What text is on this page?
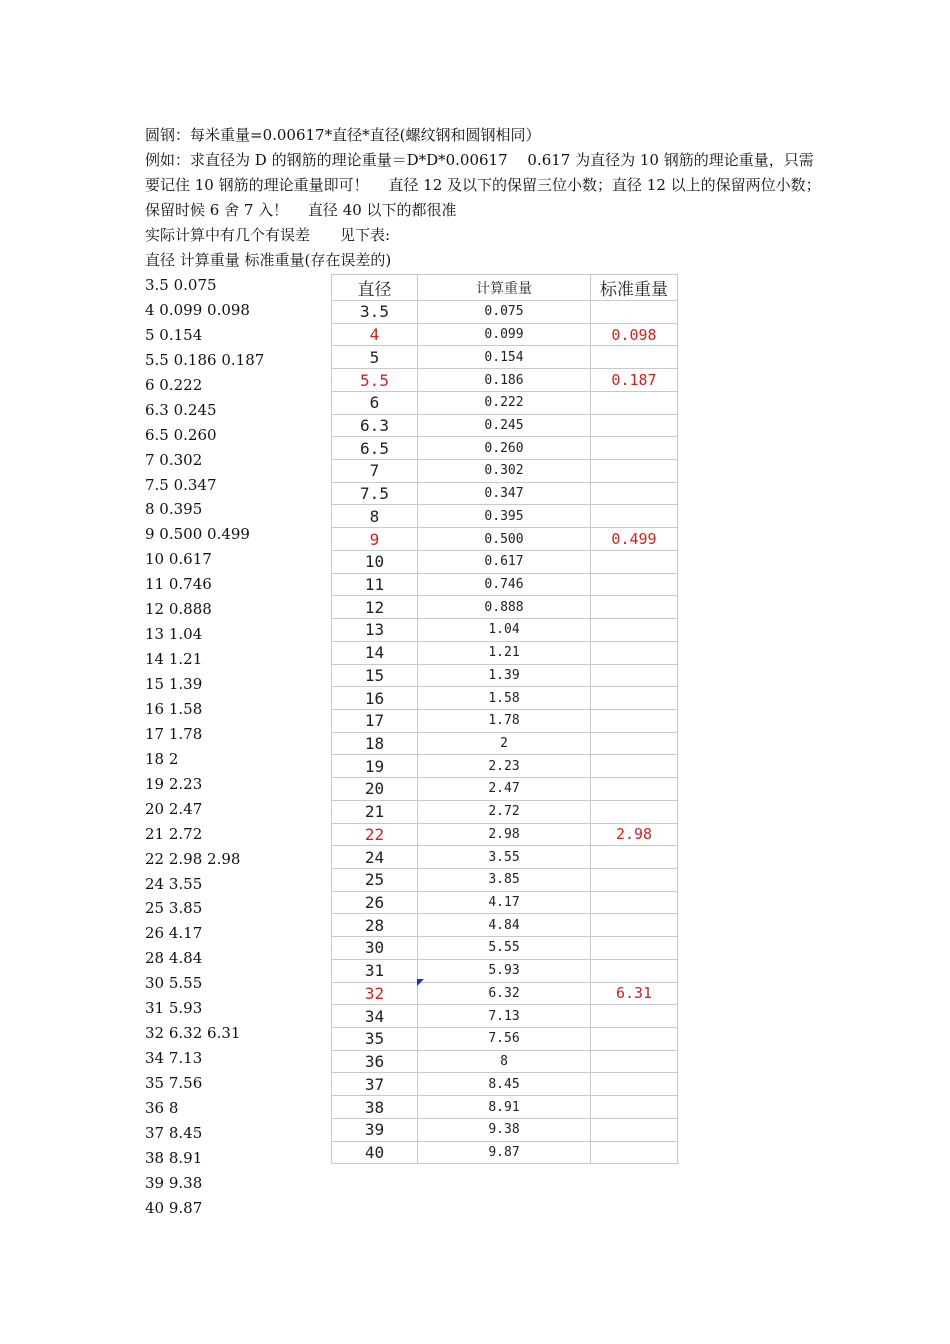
圆钢：每米重量=0.00617*直径*直径(螺纹钢和圆钢相同）
例如：求直径为 D 的钢筋的理论重量＝D*D*0.00617　 0.617 为直径为 10 钢筋的理论重量，只需要记住 10 钢筋的理论重量即可！　 直径 12 及以下的保留三位小数；直径 12 以上的保留两位小数；保留时候 6 舍 7 入！　 直径 40 以下的都很准
实际计算中有几个有误差　　见下表:
直径 计算重量 标准重量(存在误差的)
3.5 0.075
4 0.099 0.098
5 0.154
5.5 0.186 0.187
6 0.222
6.3 0.245
6.5 0.260
7 0.302
7.5 0.347
8 0.395
9 0.500 0.499
10 0.617
11 0.746
12 0.888
13 1.04
14 1.21
15 1.39
16 1.58
17 1.78
18 2
19 2.23
20 2.47
21 2.72
22 2.98 2.98
24 3.55
25 3.85
26 4.17
28 4.84
30 5.55
31 5.93
32 6.32 6.31
34 7.13
35 7.56
36 8
37 8.45
38 8.91
39 9.38
40 9.87
直径	计算重量	标准重量
3.5	0.075	
4	0.099	0.098
5	0.154	
5.5	0.186	0.187
6	0.222	
6.3	0.245	
6.5	0.260	
7	0.302	
7.5	0.347	
8	0.395	
9	0.500	0.499
10	0.617	
11	0.746	
12	0.888	
13	1.04	
14	1.21	
15	1.39	
16	1.58	
17	1.78	
18	2	
19	2.23	
20	2.47	
21	2.72	
22	2.98	2.98
24	3.55	
25	3.85	
26	4.17	
28	4.84	
30	5.55	
31	5.93	
32	6.32	6.31
34	7.13	
35	7.56	
36	8	
37	8.45	
38	8.91	
39	9.38	
40	9.87	
